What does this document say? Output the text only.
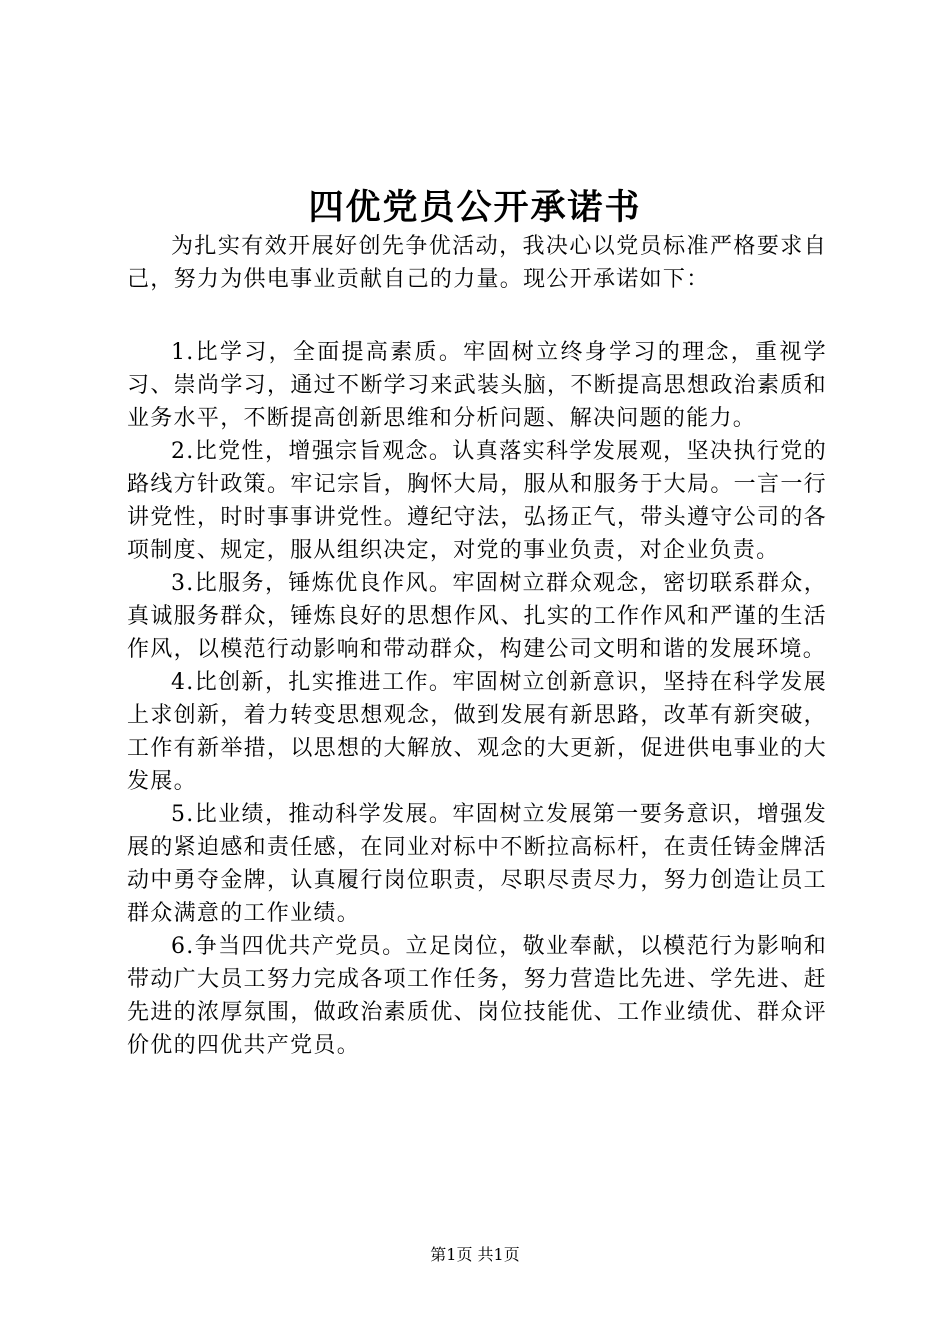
四优党员公开承诺书

为扎实有效开展好创先争优活动，我决心以党员标准严格要求自己，努力为供电事业贡献自己的力量。现公开承诺如下：

1.比学习，全面提高素质。牢固树立终身学习的理念，重视学习、崇尚学习，通过不断学习来武装头脑，不断提高思想政治素质和业务水平，不断提高创新思维和分析问题、解决问题的能力。

2.比党性，增强宗旨观念。认真落实科学发展观，坚决执行党的路线方针政策。牢记宗旨，胸怀大局，服从和服务于大局。一言一行讲党性，时时事事讲党性。遵纪守法，弘扬正气，带头遵守公司的各项制度、规定，服从组织决定，对党的事业负责，对企业负责。

3.比服务，锤炼优良作风。牢固树立群众观念，密切联系群众，真诚服务群众，锤炼良好的思想作风、扎实的工作作风和严谨的生活作风，以模范行动影响和带动群众，构建公司文明和谐的发展环境。

4.比创新，扎实推进工作。牢固树立创新意识，坚持在科学发展上求创新，着力转变思想观念，做到发展有新思路，改革有新突破，工作有新举措，以思想的大解放、观念的大更新，促进供电事业的大发展。

5.比业绩，推动科学发展。牢固树立发展第一要务意识，增强发展的紧迫感和责任感，在同业对标中不断拉高标杆，在责任铸金牌活动中勇夺金牌，认真履行岗位职责，尽职尽责尽力，努力创造让员工群众满意的工作业绩。

6.争当四优共产党员。立足岗位，敬业奉献，以模范行为影响和带动广大员工努力完成各项工作任务，努力营造比先进、学先进、赶先进的浓厚氛围，做政治素质优、岗位技能优、工作业绩优、群众评价优的四优共产党员。

第1页 共1页
